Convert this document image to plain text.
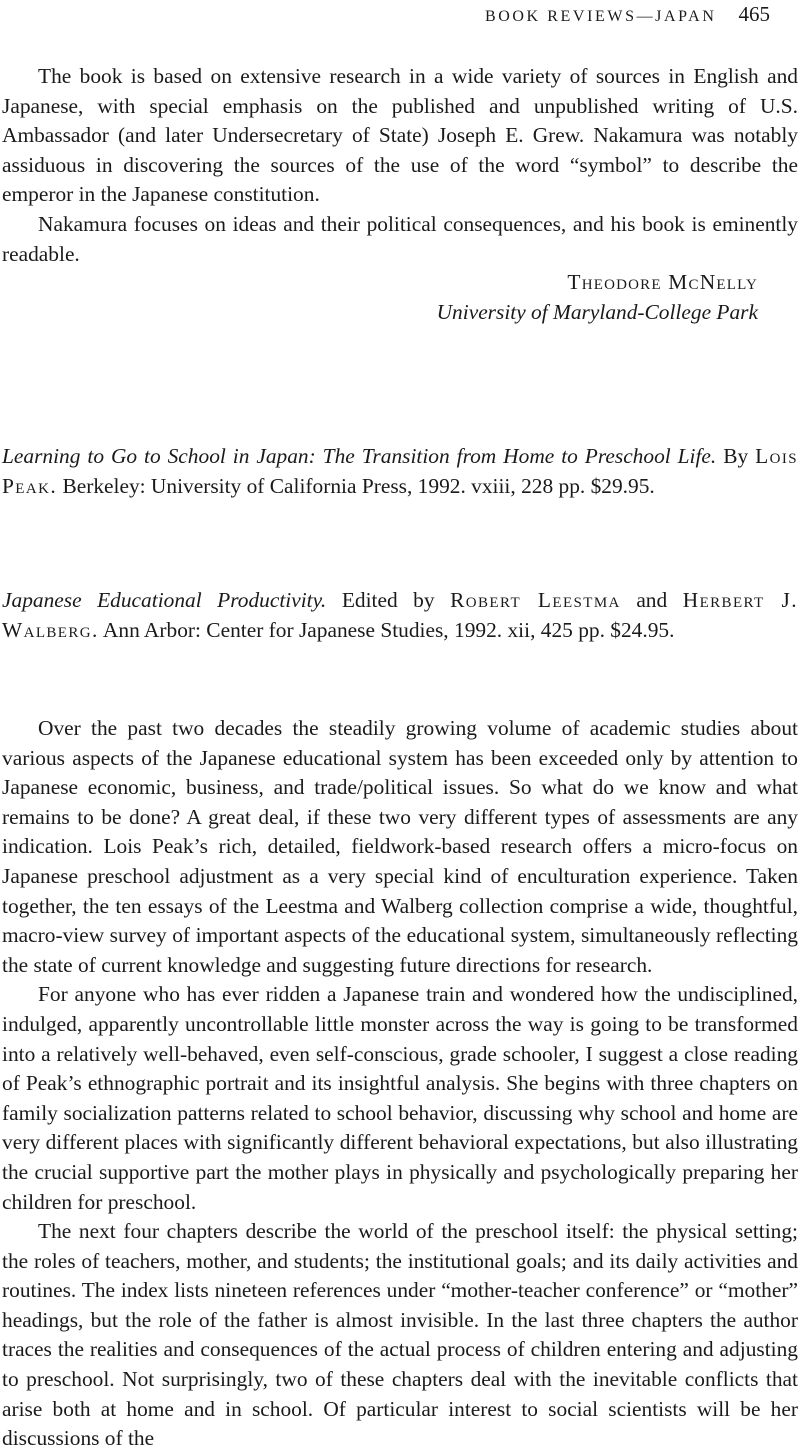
BOOK REVIEWS—JAPAN 465

The book is based on extensive research in a wide variety of sources in English and Japanese, with special emphasis on the published and unpublished writing of U.S. Ambassador (and later Undersecretary of State) Joseph E. Grew. Nakamura was notably assiduous in discovering the sources of the use of the word “symbol” to describe the emperor in the Japanese constitution.

Nakamura focuses on ideas and their political consequences, and his book is eminently readable.

Theodore McNelly
University of Maryland-College Park

Learning to Go to School in Japan: The Transition from Home to Preschool Life. By Lois Peak. Berkeley: University of California Press, 1992. vxiii, 228 pp. $29.95.

Japanese Educational Productivity. Edited by Robert Leestma and Herbert J. Walberg. Ann Arbor: Center for Japanese Studies, 1992. xii, 425 pp. $24.95.

Over the past two decades the steadily growing volume of academic studies about various aspects of the Japanese educational system has been exceeded only by attention to Japanese economic, business, and trade/political issues. So what do we know and what remains to be done? A great deal, if these two very different types of assessments are any indication. Lois Peak’s rich, detailed, fieldwork-based research offers a micro-focus on Japanese preschool adjustment as a very special kind of enculturation experience. Taken together, the ten essays of the Leestma and Walberg collection comprise a wide, thoughtful, macro-view survey of important aspects of the educational system, simultaneously reflecting the state of current knowledge and suggesting future directions for research.

For anyone who has ever ridden a Japanese train and wondered how the undisciplined, indulged, apparently uncontrollable little monster across the way is going to be transformed into a relatively well-behaved, even self-conscious, grade schooler, I suggest a close reading of Peak’s ethnographic portrait and its insightful analysis. She begins with three chapters on family socialization patterns related to school behavior, discussing why school and home are very different places with significantly different behavioral expectations, but also illustrating the crucial supportive part the mother plays in physically and psychologically preparing her children for preschool.

The next four chapters describe the world of the preschool itself: the physical setting; the roles of teachers, mother, and students; the institutional goals; and its daily activities and routines. The index lists nineteen references under “mother-teacher conference” or “mother” headings, but the role of the father is almost invisible. In the last three chapters the author traces the realities and consequences of the actual process of children entering and adjusting to preschool. Not surprisingly, two of these chapters deal with the inevitable conflicts that arise both at home and in school. Of particular interest to social scientists will be her discussions of the
